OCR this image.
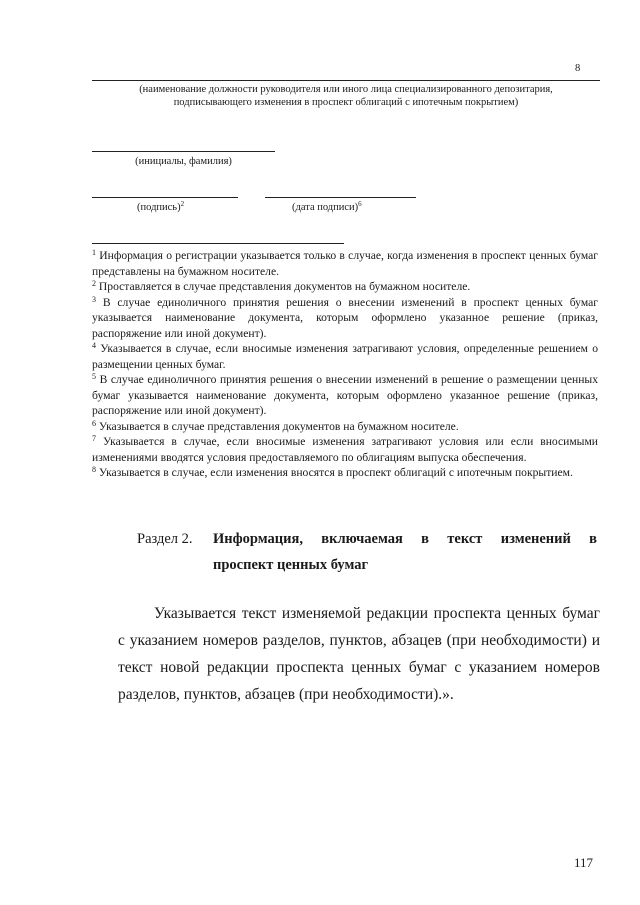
8
(наименование должности руководителя или иного лица специализированного депозитария,
подписывающего изменения в проспект облигаций с ипотечным покрытием)
(инициалы, фамилия)
(подпись)$^2$	(дата подписи)$^6$

$^1$ Информация о регистрации указывается только в случае, когда изменения в проспект ценных бумаг представлены на бумажном носителе.

$^2$ Проставляется в случае представления документов на бумажном носителе.

$^3$ В случае единоличного принятия решения о внесении изменений в проспект ценных бумаг указывается наименование документа, которым оформлено указанное решение (приказ, распоряжение или иной документ).

$^4$ Указывается в случае, если вносимые изменения затрагивают условия, определенные решением о размещении ценных бумаг.

$^5$ В случае единоличного принятия решения о внесении изменений в решение о размещении ценных бумаг указывается наименование документа, которым оформлено указанное решение (приказ, распоряжение или иной документ).

$^6$ Указывается в случае представления документов на бумажном носителе.

$^7$ Указывается в случае, если вносимые изменения затрагивают условия или если вносимыми изменениями вводятся условия предоставляемого по облигациям выпуска обеспечения.

$^8$ Указывается в случае, если изменения вносятся в проспект облигаций с ипотечным покрытием.

Раздел 2. Информация, включаемая в текст изменений в
проспект ценных бумаг

Указывается текст изменяемой редакции проспекта ценных бумаг с указанием номеров разделов, пунктов, абзацев (при необходимости) и текст новой редакции проспекта ценных бумаг с указанием номеров разделов, пунктов, абзацев (при необходимости).».

117
